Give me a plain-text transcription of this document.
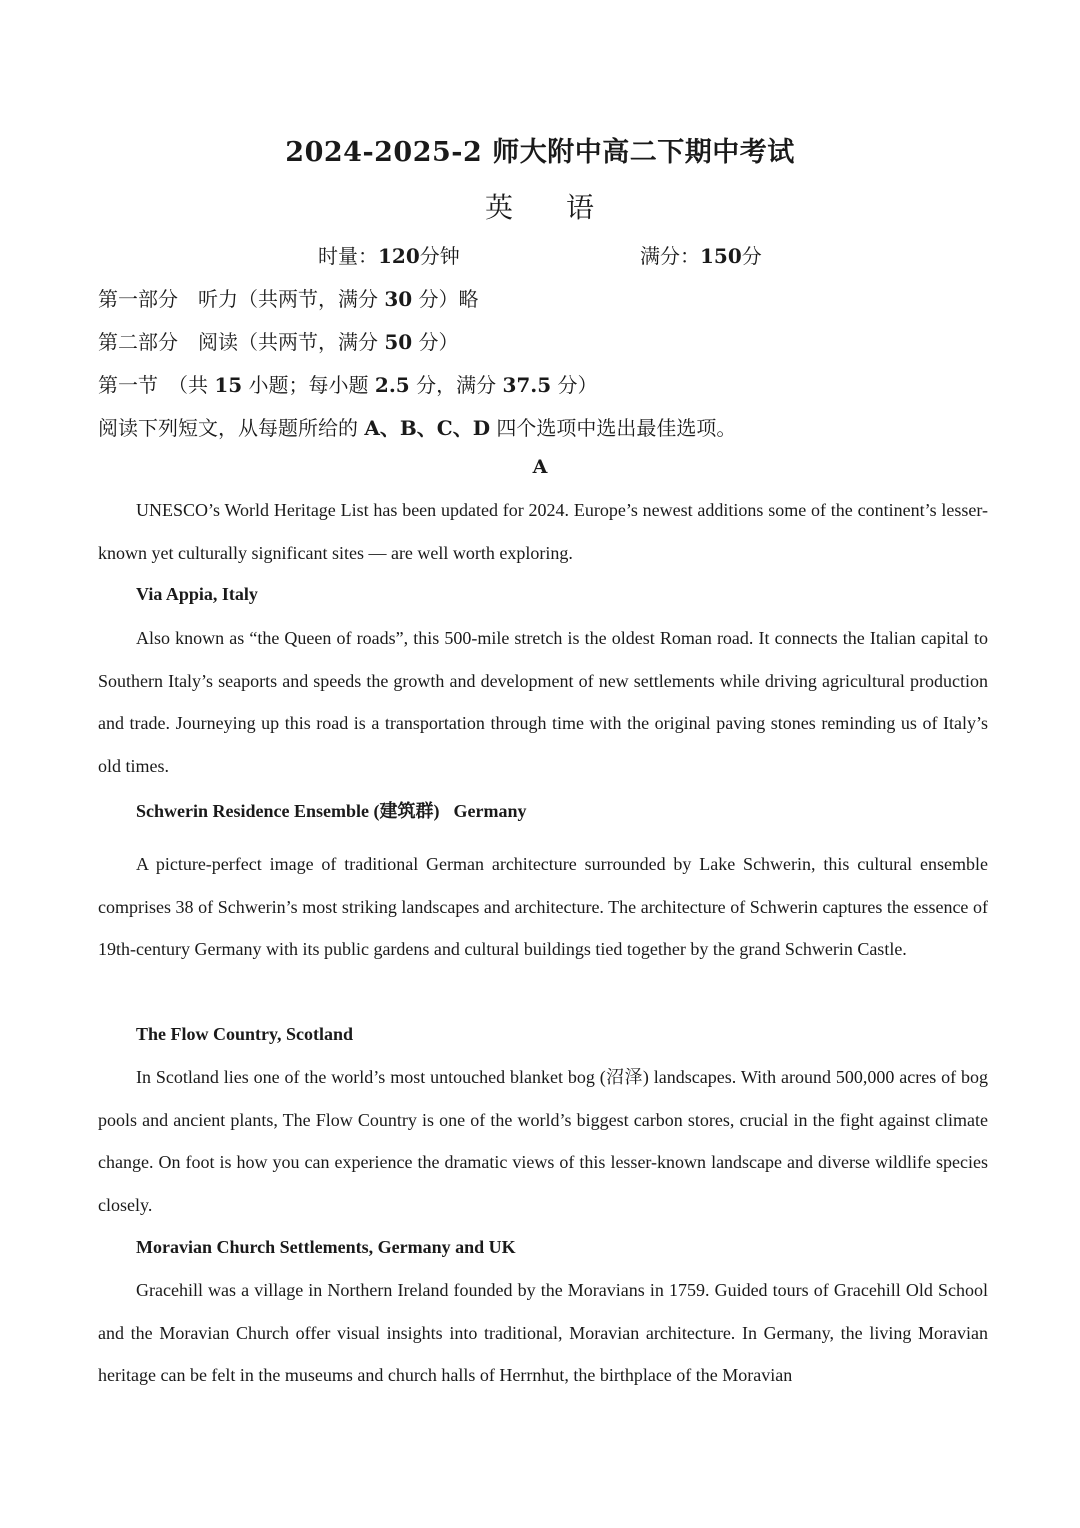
2024-2025-2 师大附中高二下期中考试

英 语

时量：120分钟	满分：150分

第一部分　听力（共两节，满分 30 分）略

第二部分　阅读（共两节，满分 50 分）

第一节　（共 15 小题；每小题 2.5 分，满分 37.5 分）

阅读下列短文，从每题所给的 A、B、C、D 四个选项中选出最佳选项。

A

UNESCO’s World Heritage List has been updated for 2024. Europe’s newest additions some of the continent’s lesser-known yet culturally significant sites — are well worth exploring.

Via Appia, Italy

Also known as “the Queen of roads”, this 500-mile stretch is the oldest Roman road. It connects the Italian capital to Southern Italy’s seaports and speeds the growth and development of new settlements while driving agricultural production and trade. Journeying up this road is a transportation through time with the original paving stones reminding us of Italy’s old times.

Schwerin Residence Ensemble (建筑群) Germany

A picture-perfect image of traditional German architecture surrounded by Lake Schwerin, this cultural ensemble comprises 38 of Schwerin’s most striking landscapes and architecture. The architecture of Schwerin captures the essence of 19th-century Germany with its public gardens and cultural buildings tied together by the grand Schwerin Castle.

The Flow Country, Scotland

In Scotland lies one of the world’s most untouched blanket bog (沼泽) landscapes. With around 500,000 acres of bog pools and ancient plants, The Flow Country is one of the world’s biggest carbon stores, crucial in the fight against climate change. On foot is how you can experience the dramatic views of this lesser-known landscape and diverse wildlife species closely.

Moravian Church Settlements, Germany and UK

Gracehill was a village in Northern Ireland founded by the Moravians in 1759. Guided tours of Gracehill Old School and the Moravian Church offer visual insights into traditional, Moravian architecture. In Germany, the living Moravian heritage can be felt in the museums and church halls of Herrnhut, the birthplace of the Moravian
